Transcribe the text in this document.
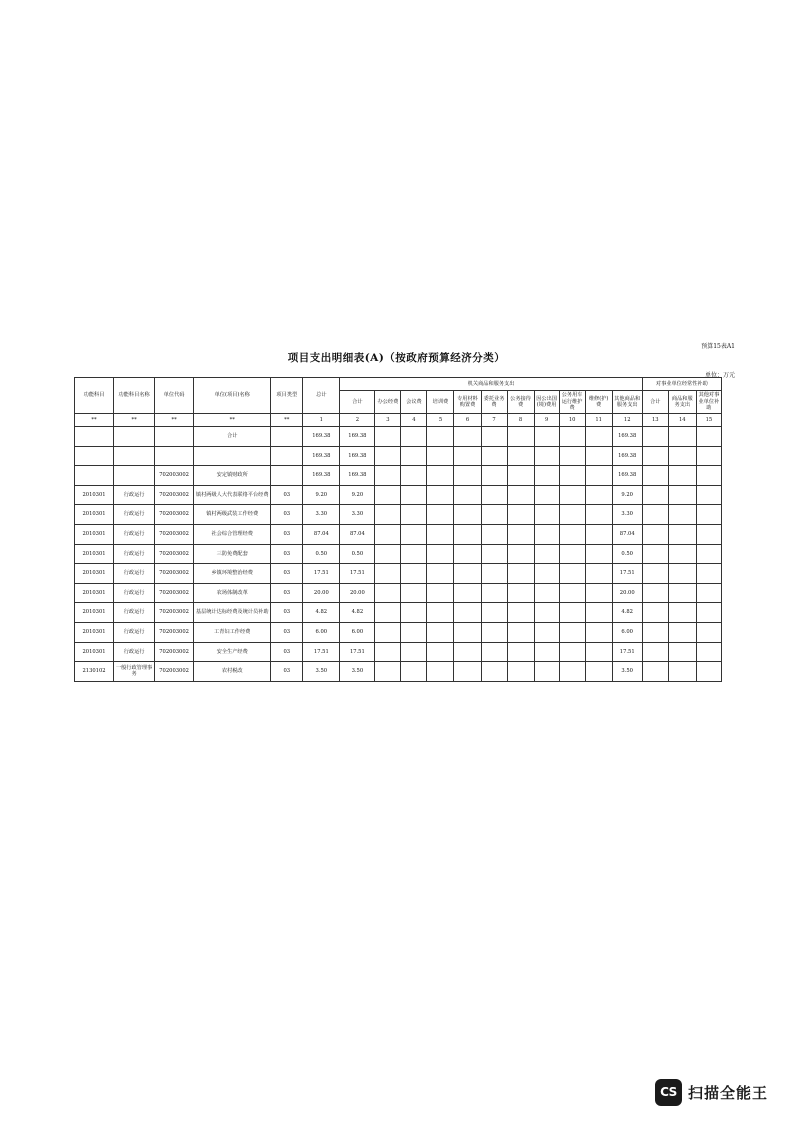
预算15表A1
项目支出明细表(A)（按政府预算经济分类）
单位：万元
功能科目	功能科目名称	单位代码	单位(项目)名称	项目类型	总计	机关商品和服务支出											对事业单位经常性补助		
						合计	办公经费	会议费	培训费	专用材料购置费	委托业务费	公务接待费	因公出国(境)费用	公务用车运行维护费	维修(护)费	其他商品和服务支出	合计	商品和服务支出	其他对事业单位补助
**	**	**	**	**	1	2	3	4	5	6	7	8	9	10	11	12	13	14	15
			合计		169.38	169.38										169.38			
					169.38	169.38										169.38			
		702003002	安定镇财政所		169.38	169.38										169.38			
2010301	行政运行	702003002	镇村两级人大代表联络平台经费	03	9.20	9.20										9.20			
2010301	行政运行	702003002	镇村两级武装工作经费	03	3.30	3.30										3.30			
2010301	行政运行	702003002	社会综合管理经费	03	87.04	87.04										87.04			
2010301	行政运行	702003002	三防免费配套	03	0.50	0.50										0.50			
2010301	行政运行	702003002	乡镇环境整治经费	03	17.51	17.51										17.51			
2010301	行政运行	702003002	农场体制改革	03	20.00	20.00										20.00			
2010301	行政运行	702003002	基层统计达标经费及统计员补助	03	4.82	4.82										4.82			
2010301	行政运行	702003002	工青妇工作经费	03	6.00	6.00										6.00			
2010301	行政运行	702003002	安全生产经费	03	17.51	17.51										17.51			
2130102	一般行政管理事务	702003002	农村税改	03	3.50	3.50										3.50			
CS 扫描全能王
